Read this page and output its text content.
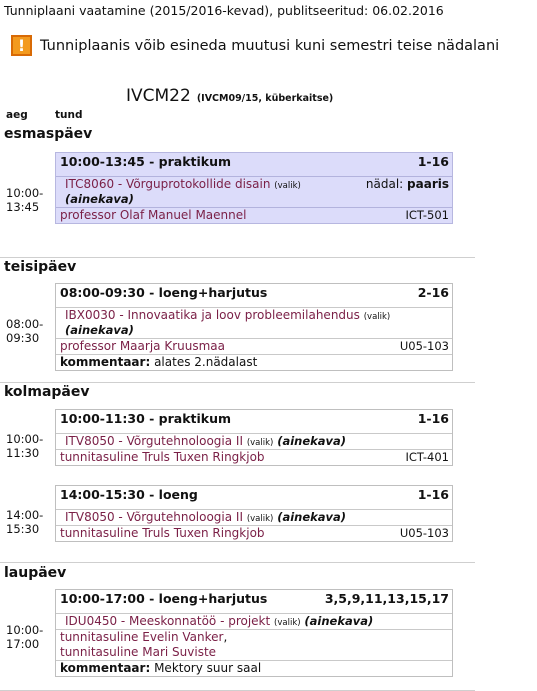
Tunniplaani vaatamine (2015/2016-kevad), publitseeritud: 06.02.2016
!	Tunniplaanis võib esineda muutusi kuni semestri teise nädalani
IVCM22 (IVCM09/15, küberkaitse)
aeg	tund
esmaspäev
10:00-
13:45
10:00-13:45 - praktikum	1-16
ITC8060 - Võrguprotokollide disain (valik)	nädal: paaris
(ainekava)
professor Olaf Manuel Maennel	ICT-501
teisipäev
08:00-
09:30
08:00-09:30 - loeng+harjutus	2-16
IBX0030 - Innovaatika ja loov probleemilahendus (valik)
(ainekava)
professor Maarja Kruusmaa	U05-103
kommentaar: alates 2.nädalast
kolmapäev
10:00-
11:30
10:00-11:30 - praktikum	1-16
ITV8050 - Võrgutehnoloogia II (valik) (ainekava)
tunnitasuline Truls Tuxen Ringkjob	ICT-401
14:00-
15:30
14:00-15:30 - loeng	1-16
ITV8050 - Võrgutehnoloogia II (valik) (ainekava)
tunnitasuline Truls Tuxen Ringkjob	U05-103
laupäev
10:00-
17:00
10:00-17:00 - loeng+harjutus	3,5,9,11,13,15,17
IDU0450 - Meeskonnatöö - projekt (valik) (ainekava)
tunnitasuline Evelin Vanker,
tunnitasuline Mari Suviste
kommentaar: Mektory suur saal
